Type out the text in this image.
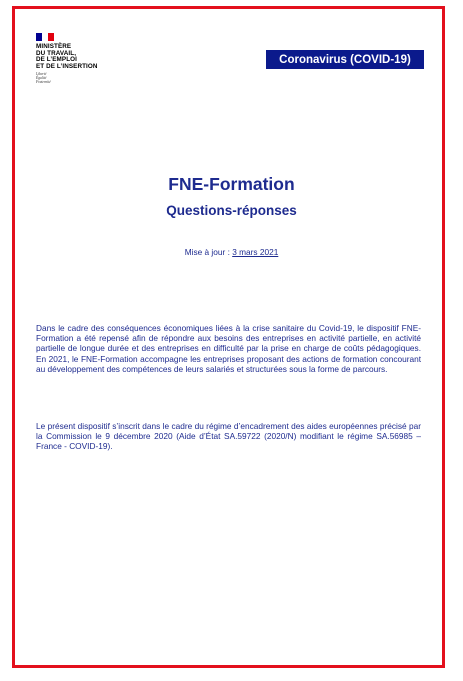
MINISTÈRE
DU TRAVAIL,
DE L’EMPLOI
ET DE L’INSERTION
Liberté
Égalité
Fraternité
Coronavirus (COVID-19)
FNE-Formation
Questions-réponses
Mise à jour : 3 mars 2021

Dans le cadre des conséquences économiques liées à la crise sanitaire du Covid-19, le dispositif FNE-Formation a été repensé afin de répondre aux besoins des entreprises en activité partielle, en activité partielle de longue durée et des entreprises en difficulté par la prise en charge de coûts pédagogiques. En 2021, le FNE-Formation accompagne les entreprises proposant des actions de formation concourant au développement des compétences de leurs salariés et structurées sous la forme de parcours.

Le présent dispositif s’inscrit dans le cadre du régime d’encadrement des aides européennes précisé par la Commission le 9 décembre 2020 (Aide d’État SA.59722 (2020/N) modifiant le régime SA.56985 – France - COVID-19).
